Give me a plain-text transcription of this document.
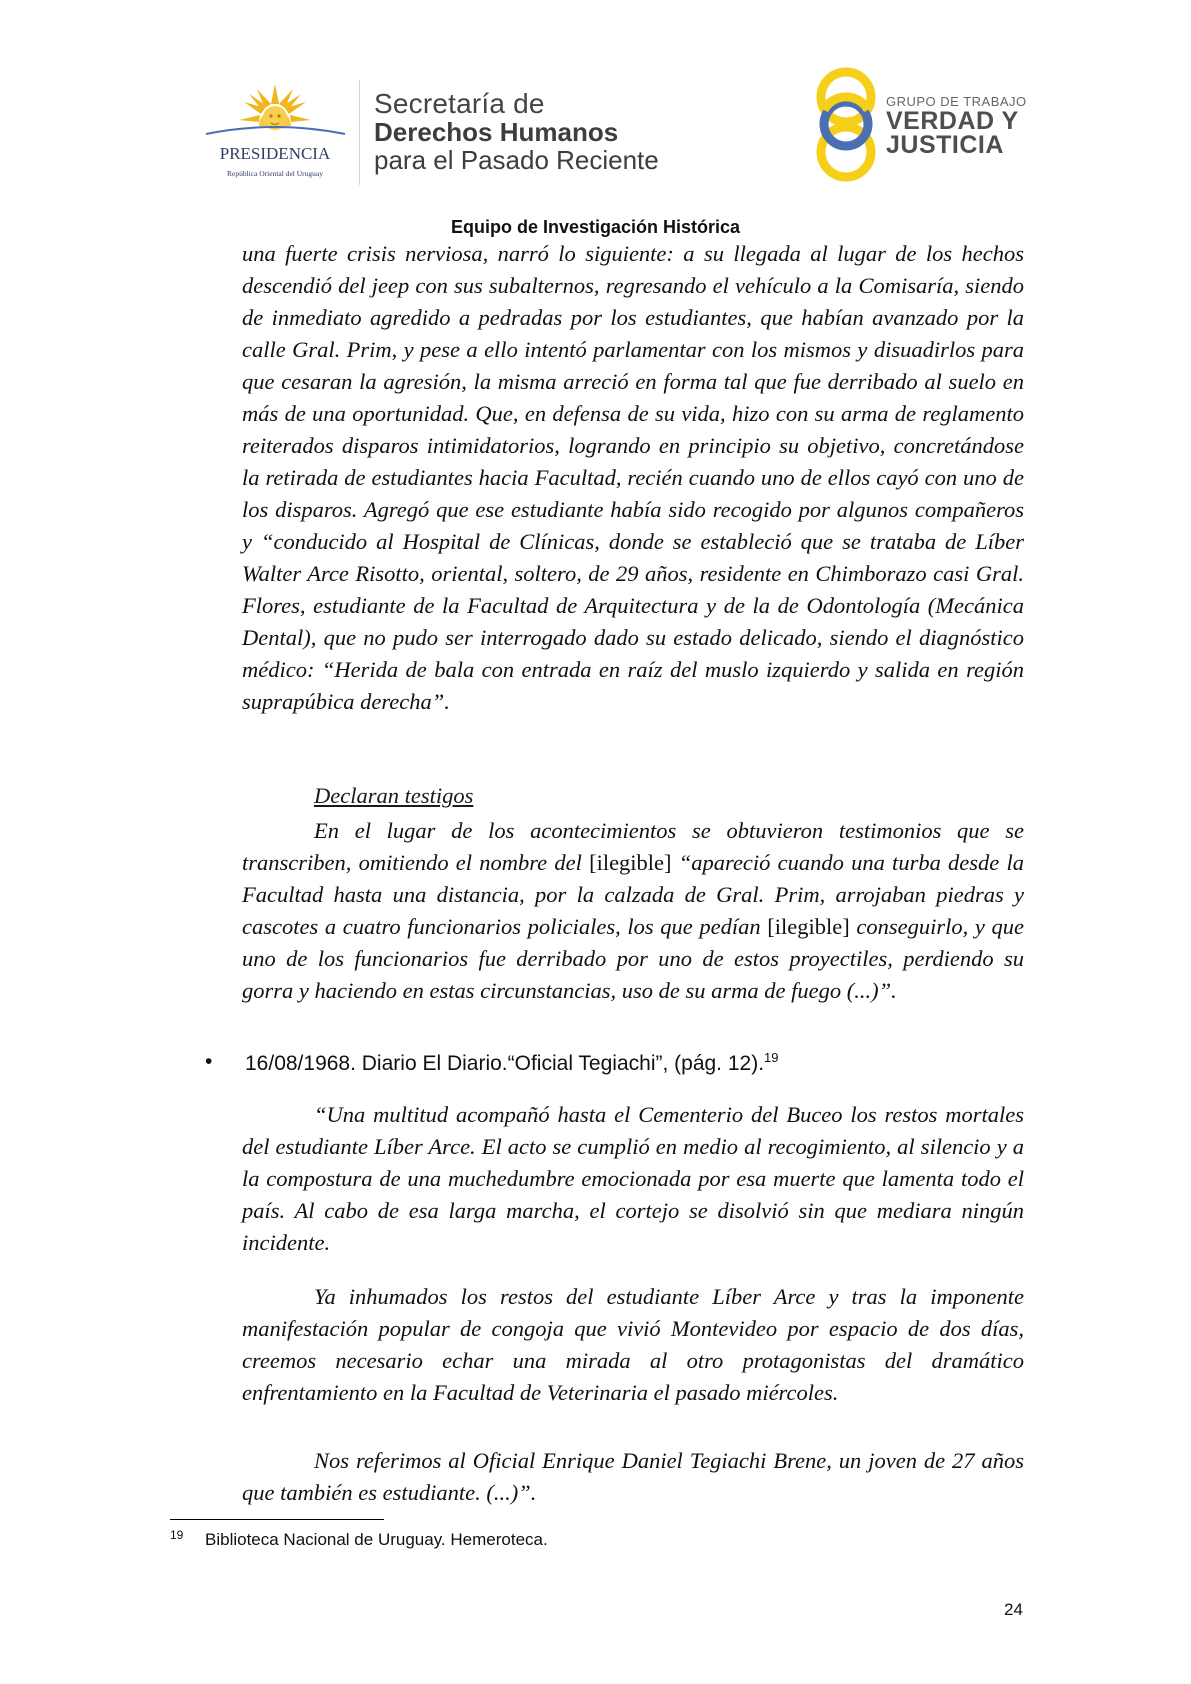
PRESIDENCIA
República Oriental del Uruguay
Secretaría de
Derechos Humanos
para el Pasado Reciente
GRUPO DE TRABAJO
VERDAD Y
JUSTICIA
Equipo de Investigación Histórica

una fuerte crisis nerviosa, narró lo siguiente: a su llegada al lugar de los hechos descendió del jeep con sus subalternos, regresando el vehículo a la Comisaría, siendo de inmediato agredido a pedradas por los estudiantes, que habían avanzado por la calle Gral. Prim, y pese a ello intentó parlamentar con los mismos y disuadirlos para que cesaran la agresión, la misma arreció en forma tal que fue derribado al suelo en más de una oportunidad. Que, en defensa de su vida, hizo con su arma de reglamento reiterados disparos intimidatorios, logrando en principio su objetivo, concretándose la retirada de estudiantes hacia Facultad, recién cuando uno de ellos cayó con uno de los disparos. Agregó que ese estudiante había sido recogido por algunos compañeros y “conducido al Hospital de Clínicas, donde se estableció que se trataba de Líber Walter Arce Risotto, oriental, soltero, de 29 años, residente en Chimborazo casi Gral. Flores, estudiante de la Facultad de Arquitectura y de la de Odontología (Mecánica Dental), que no pudo ser interrogado dado su estado delicado, siendo el diagnóstico médico: “Herida de bala con entrada en raíz del muslo izquierdo y salida en región suprapúbica derecha”.

Declaran testigos

En el lugar de los acontecimientos se obtuvieron testimonios que se transcriben, omitiendo el nombre del [ilegible] “apareció cuando una turba desde la Facultad hasta una distancia, por la calzada de Gral. Prim, arrojaban piedras y cascotes a cuatro funcionarios policiales, los que pedían [ilegible] conseguirlo, y que uno de los funcionarios fue derribado por uno de estos proyectiles, perdiendo su gorra y haciendo en estas circunstancias, uso de su arma de fuego (...)”.

• 16/08/1968. Diario El Diario.“Oficial Tegiachi”, (pág. 12).$^{19}$

“Una multitud acompañó hasta el Cementerio del Buceo los restos mortales del estudiante Líber Arce. El acto se cumplió en medio al recogimiento, al silencio y a la compostura de una muchedumbre emocionada por esa muerte que lamenta todo el país. Al cabo de esa larga marcha, el cortejo se disolvió sin que mediara ningún incidente.

Ya inhumados los restos del estudiante Líber Arce y tras la imponente manifestación popular de congoja que vivió Montevideo por espacio de dos días, creemos necesario echar una mirada al otro protagonistas del dramático enfrentamiento en la Facultad de Veterinaria el pasado miércoles.

Nos referimos al Oficial Enrique Daniel Tegiachi Brene, un joven de 27 años que también es estudiante. (...)”.

19 Biblioteca Nacional de Uruguay. Hemeroteca.
24
